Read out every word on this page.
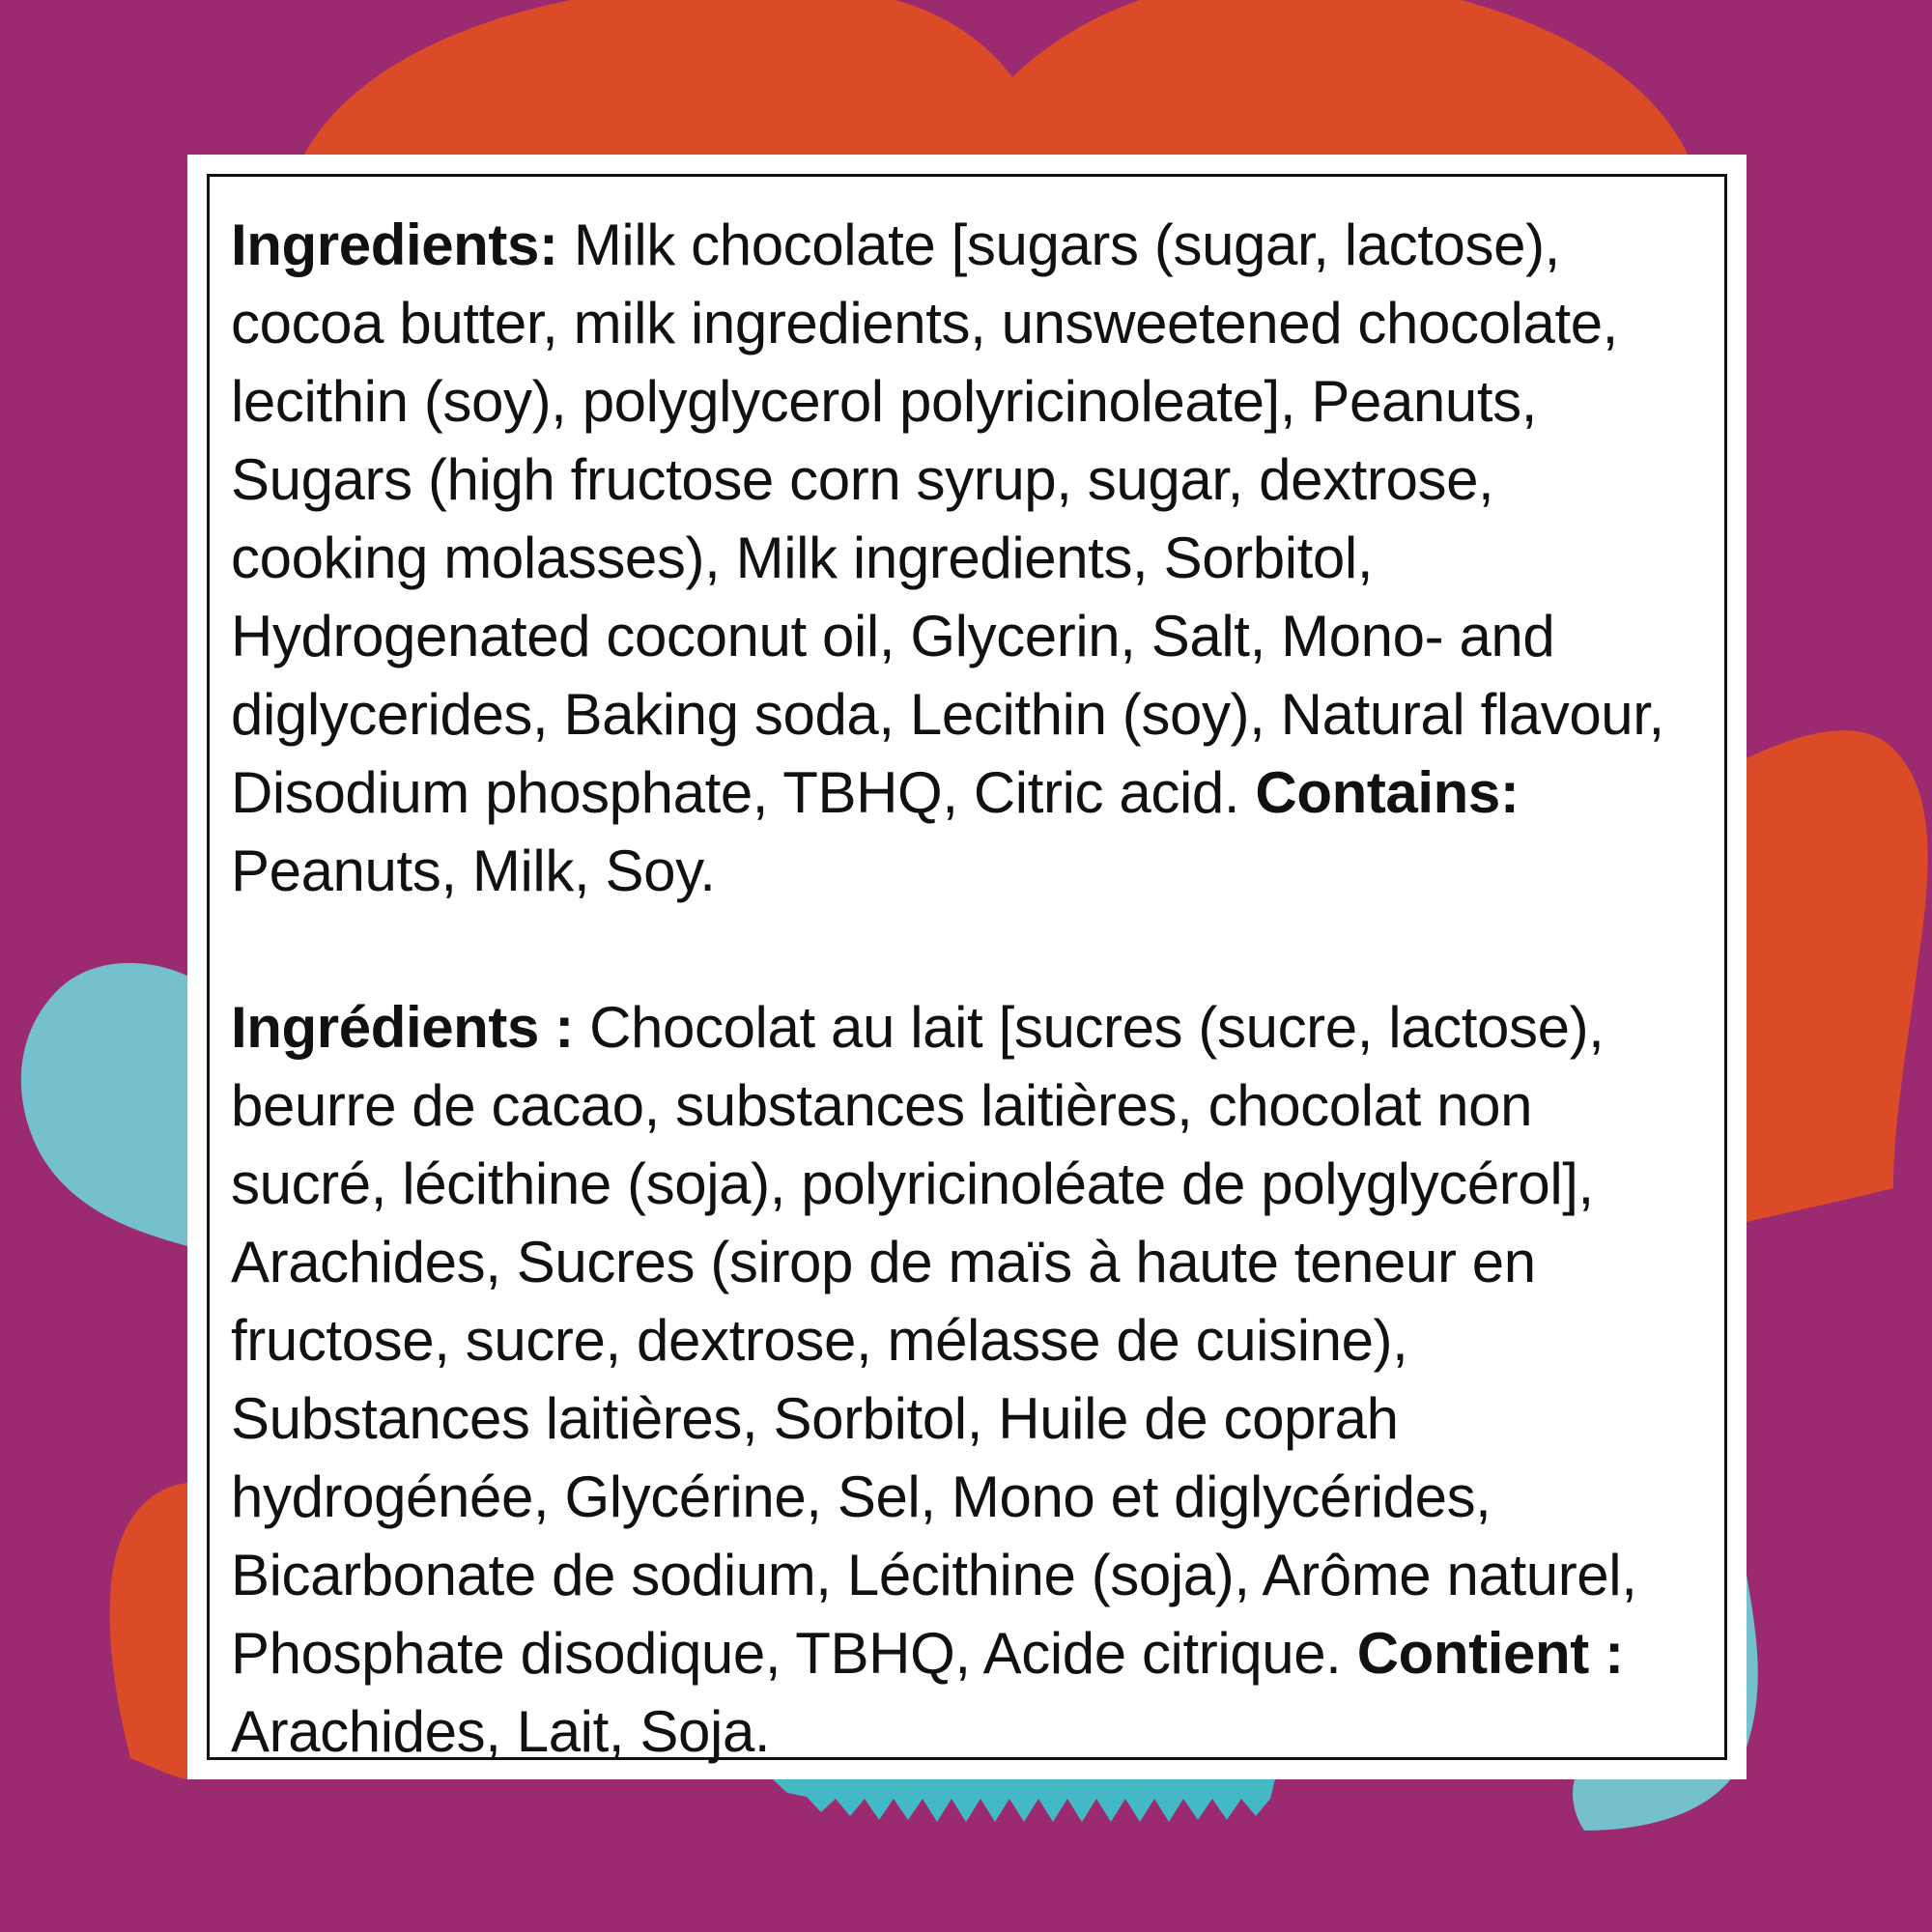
Ingredients: Milk chocolate [sugars (sugar, lactose), cocoa butter, milk ingredients, unsweetened chocolate, lecithin (soy), polyglycerol polyricinoleate], Peanuts, Sugars (high fructose corn syrup, sugar, dextrose, cooking molasses), Milk ingredients, Sorbitol, Hydrogenated coconut oil, Glycerin, Salt, Mono- and diglycerides, Baking soda, Lecithin (soy), Natural flavour, Disodium phosphate, TBHQ, Citric acid. Contains: Peanuts, Milk, Soy.

Ingrédients : Chocolat au lait [sucres (sucre, lactose), beurre de cacao, substances laitières, chocolat non sucré, lécithine (soja), polyricinoléate de polyglycérol], Arachides, Sucres (sirop de maïs à haute teneur en fructose, sucre, dextrose, mélasse de cuisine), Substances laitières, Sorbitol, Huile de coprah hydrogénée, Glycérine, Sel, Mono et diglycérides, Bicarbonate de sodium, Lécithine (soja), Arôme naturel, Phosphate disodique, TBHQ, Acide citrique. Contient : Arachides, Lait, Soja.
